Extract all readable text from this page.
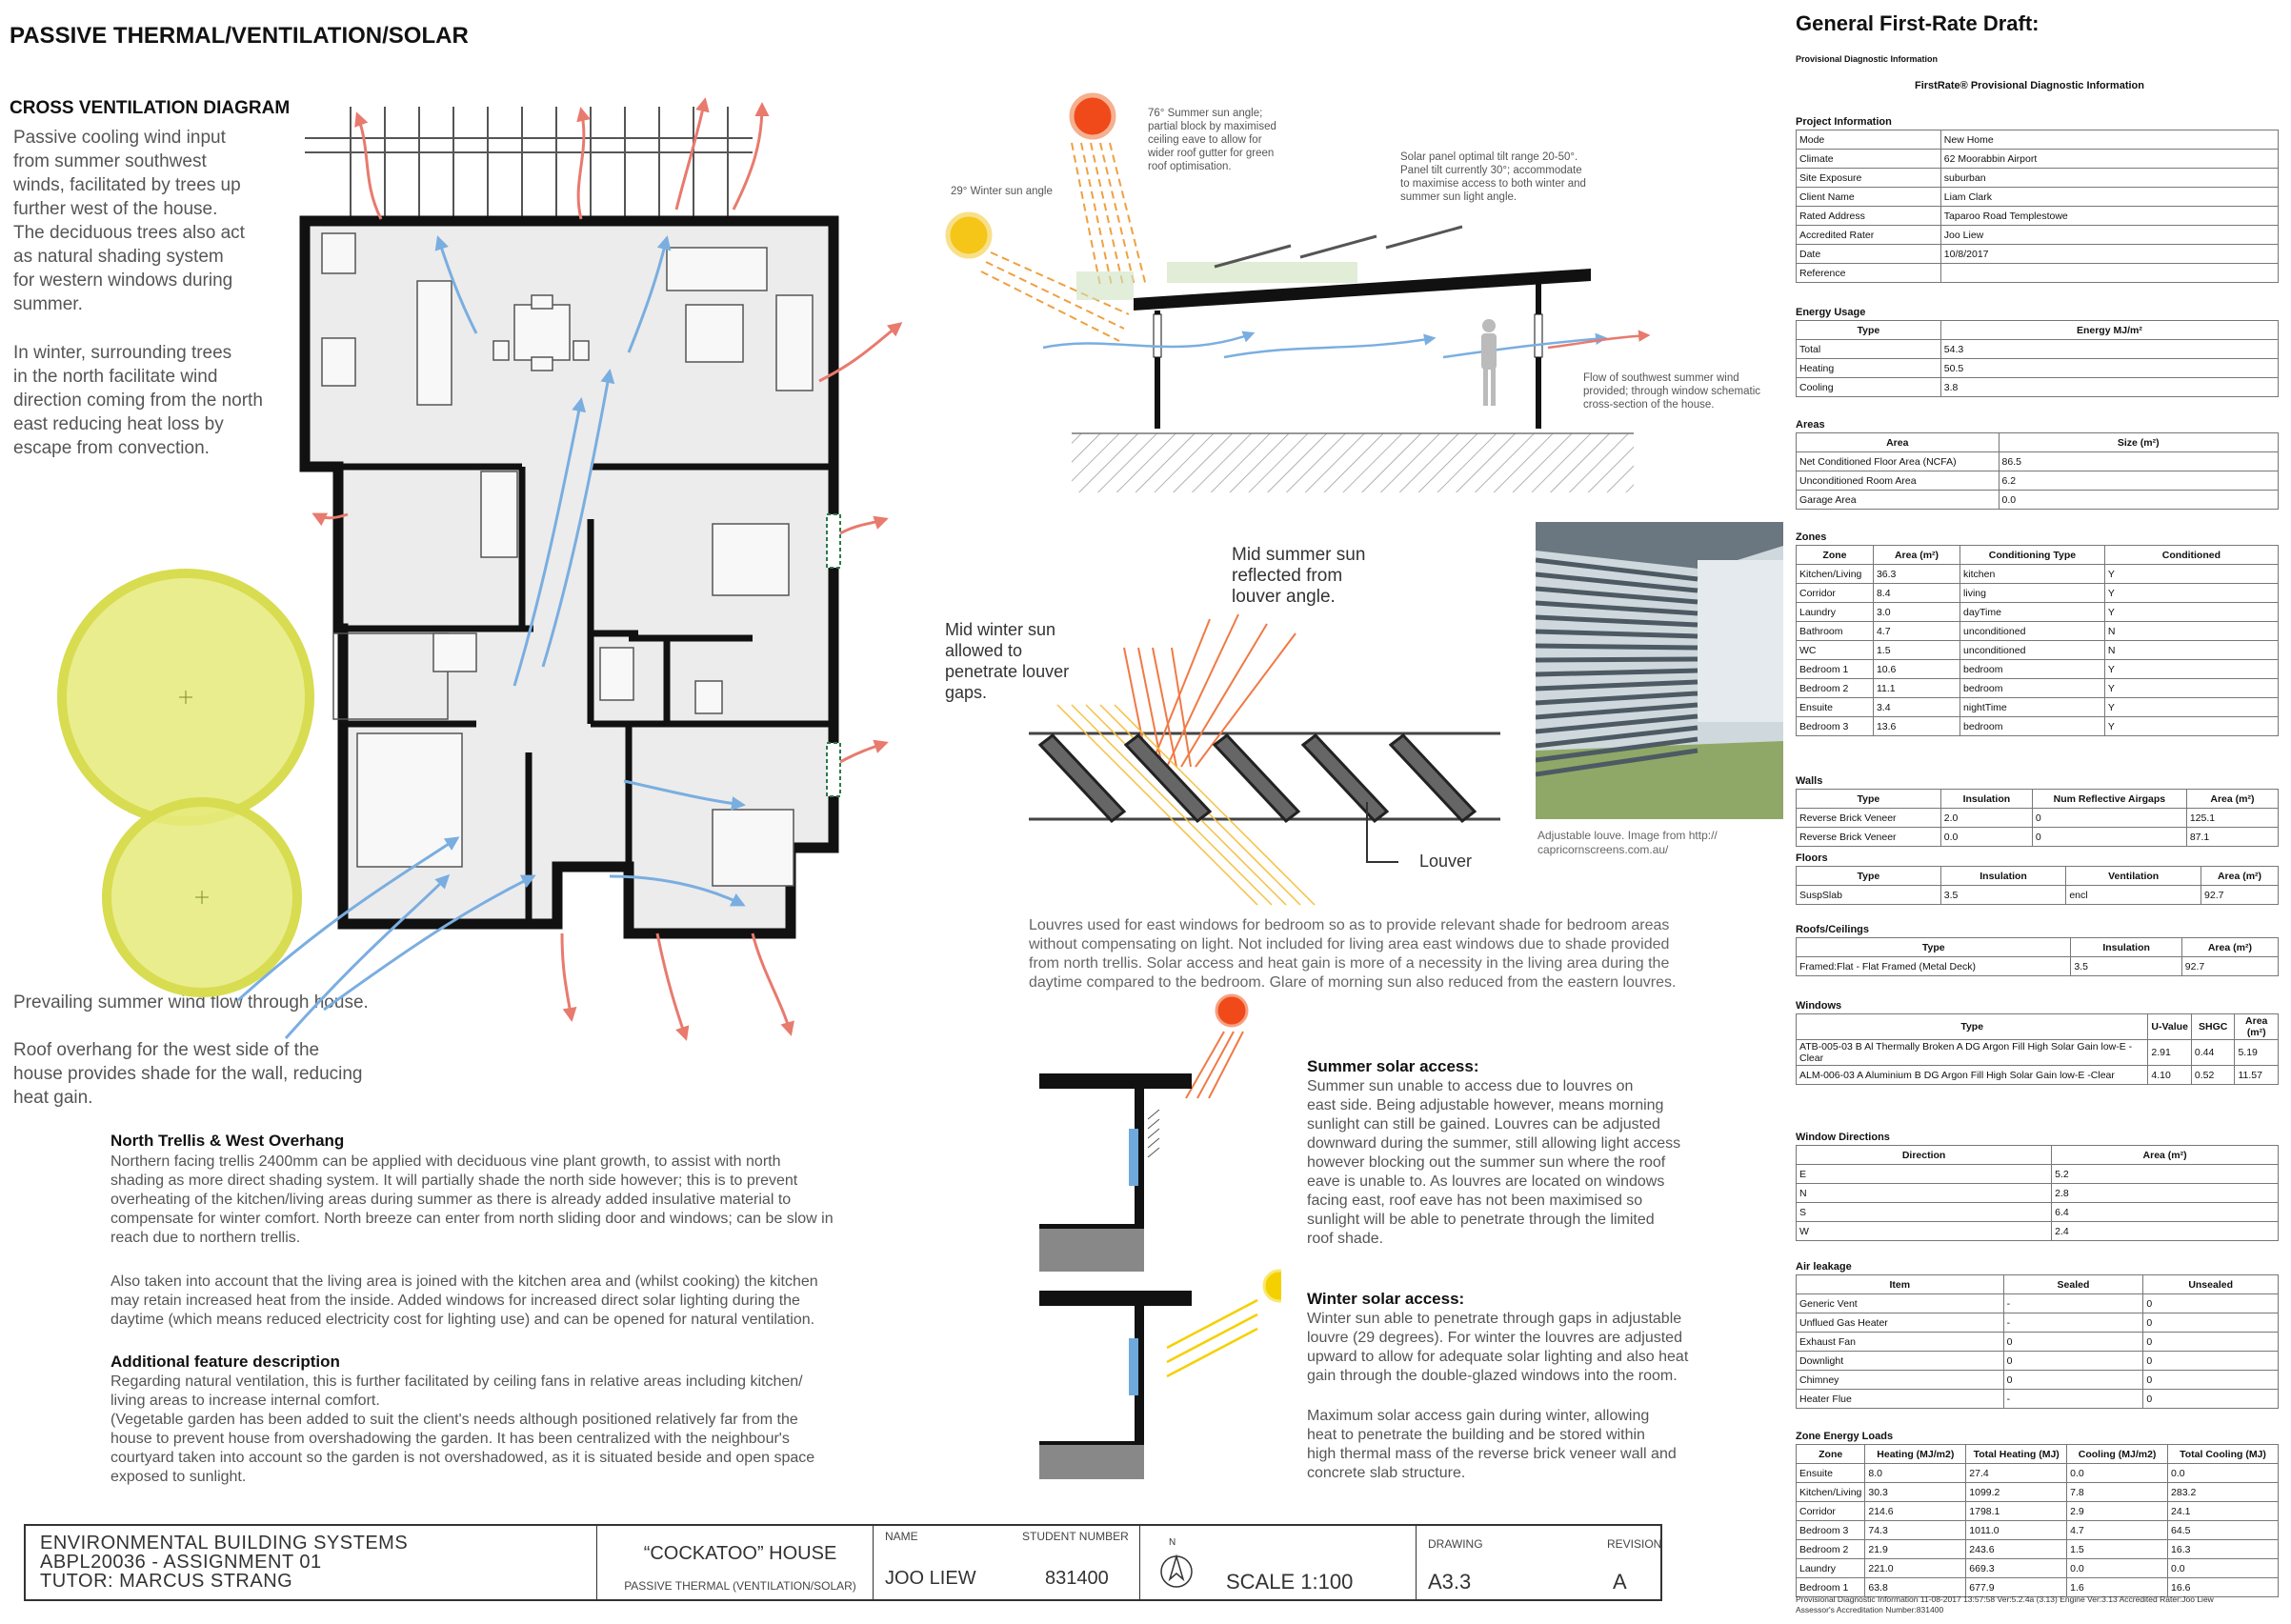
PASSIVE THERMAL/VENTILATION/SOLAR
CROSS VENTILATION DIAGRAM
Passive cooling wind input
from summer southwest
winds, facilitated by trees up
further west of the house.
The deciduous trees also act
as natural shading system
for western windows during
summer.
In winter, surrounding trees
in the north facilitate wind
direction coming from the north
east reducing heat loss by
escape from convection.
Prevailing summer wind flow through house.
Roof overhang for the west side of the
house provides shade for the wall, reducing
heat gain.
North Trellis & West Overhang
Northern facing trellis 2400mm can be applied with deciduous vine plant growth, to assist with north
shading as more direct shading system. It will partially shade the north side however; this is to prevent
overheating of the kitchen/living areas during summer as there is already added insulative material to
compensate for winter comfort. North breeze can enter from north sliding door and windows; can be slow in
reach due to northern trellis.
Also taken into account that the living area is joined with the kitchen area and (whilst cooking) the kitchen
may retain increased heat from the inside. Added windows for increased direct solar lighting during the
daytime (which means reduced electricity cost for lighting use) and can be opened for natural ventilation.
Additional feature description
Regarding natural ventilation, this is further facilitated by ceiling fans in relative areas including kitchen/
living areas to increase internal comfort.
(Vegetable garden has been added to suit the client's needs although positioned relatively far from the
house to prevent house from overshadowing the garden. It has been centralized with the neighbour's
courtyard taken into account so the garden is not overshadowed, as it is situated beside and open space
exposed to sunlight.
76° Summer sun angle;
partial block by maximised
ceiling eave to allow for
wider roof gutter for green
roof optimisation.
29° Winter sun angle
Solar panel optimal tilt range 20-50°.
Panel tilt currently 30°; accommodate
to maximise access to both winter and
summer sun light angle.
Flow of southwest summer wind
provided; through window schematic
cross-section of the house.
Mid summer sun
reflected from
louver angle.
Mid winter sun
allowed to
penetrate louver
gaps.
Louver
Adjustable louve. Image from http://
capricornscreens.com.au/
Louvres used for east windows for bedroom so as to provide relevant shade for bedroom areas
without compensating on light. Not included for living area east windows due to shade provided
from north trellis. Solar access and heat gain is more of a necessity in the living area during the
daytime compared to the bedroom. Glare of morning sun also reduced from the eastern louvres.
Summer solar access:
Summer sun unable to access due to louvres on
east side. Being adjustable however, means morning
sunlight can still be gained. Louvres can be adjusted
downward during the summer, still allowing light access
however blocking out the summer sun where the roof
eave is unable to. As louvres are located on windows
facing east, roof eave has not been maximised so
sunlight will be able to penetrate through the limited
roof shade.
Winter solar access:
Winter sun able to penetrate through gaps in adjustable
louvre (29 degrees). For winter the louvres are adjusted
upward to allow for adequate solar lighting and also heat
gain through the double-glazed windows into the room.
Maximum solar access gain during winter, allowing
heat to penetrate the building and be stored within
high thermal mass of the reverse brick veneer wall and
concrete slab structure.
ENVIRONMENTAL BUILDING SYSTEMS
ABPL20036 - ASSIGNMENT 01
TUTOR: MARCUS STRANG
“COCKATOO” HOUSE
PASSIVE THERMAL (VENTILATION/SOLAR)
NAME	STUDENT NUMBER
JOO LIEW	831400
N
SCALE 1:100
DRAWING	REVISION
A3.3	A
General First-Rate Draft:
Provisional Diagnostic Information
FirstRate® Provisional Diagnostic Information
Project Information
Mode	New Home
Climate	62 Moorabbin Airport
Site Exposure	suburban
Client Name	Liam Clark
Rated Address	Taparoo Road Templestowe
Accredited Rater	Joo Liew
Date	10/8/2017
Reference	
Energy Usage
Type	Energy MJ/m²
Total	54.3
Heating	50.5
Cooling	3.8
Areas
Area	Size (m²)
Net Conditioned Floor Area (NCFA)	86.5
Unconditioned Room Area	6.2
Garage Area	0.0
Zones
Zone	Area (m²)	Conditioning Type	Conditioned
Kitchen/Living	36.3	kitchen	Y
Corridor	8.4	living	Y
Laundry	3.0	dayTime	Y
Bathroom	4.7	unconditioned	N
WC	1.5	unconditioned	N
Bedroom 1	10.6	bedroom	Y
Bedroom 2	11.1	bedroom	Y
Ensuite	3.4	nightTime	Y
Bedroom 3	13.6	bedroom	Y
Walls
Type	Insulation	Num Reflective Airgaps	Area (m²)
Reverse Brick Veneer	2.0	0	125.1
Reverse Brick Veneer	0.0	0	87.1
Floors
Type	Insulation	Ventilation	Area (m²)
SuspSlab	3.5	encl	92.7
Roofs/Ceilings
Type	Insulation	Area (m²)
Framed:Flat - Flat Framed (Metal Deck)	3.5	92.7
Windows
Type	U-Value	SHGC	Area (m²)
ATB-005-03 B Al Thermally Broken A DG Argon Fill High Solar Gain low-E -Clear	2.91	0.44	5.19
ALM-006-03 A Aluminium B DG Argon Fill High Solar Gain low-E -Clear	4.10	0.52	11.57
Window Directions
Direction	Area (m²)
E	5.2
N	2.8
S	6.4
W	2.4
Air leakage
Item	Sealed	Unsealed
Generic Vent	-	0
Unflued Gas Heater	-	0
Exhaust Fan	0	0
Downlight	0	0
Chimney	0	0
Heater Flue	-	0
Zone Energy Loads
Zone	Heating (MJ/m2)	Total Heating (MJ)	Cooling (MJ/m2)	Total Cooling (MJ)
Ensuite	8.0	27.4	0.0	0.0
Kitchen/Living	30.3	1099.2	7.8	283.2
Corridor	214.6	1798.1	2.9	24.1
Bedroom 3	74.3	1011.0	4.7	64.5
Bedroom 2	21.9	243.6	1.5	16.3
Laundry	221.0	669.3	0.0	0.0
Bedroom 1	63.8	677.9	1.6	16.6
Provisional Diagnostic Information 11-08-2017 13:57:58 Ver:5.2.4a (3.13) Engine Ver:3.13 Accredited Rater:Joo Liew
Assessor's Accreditation Number:831400
